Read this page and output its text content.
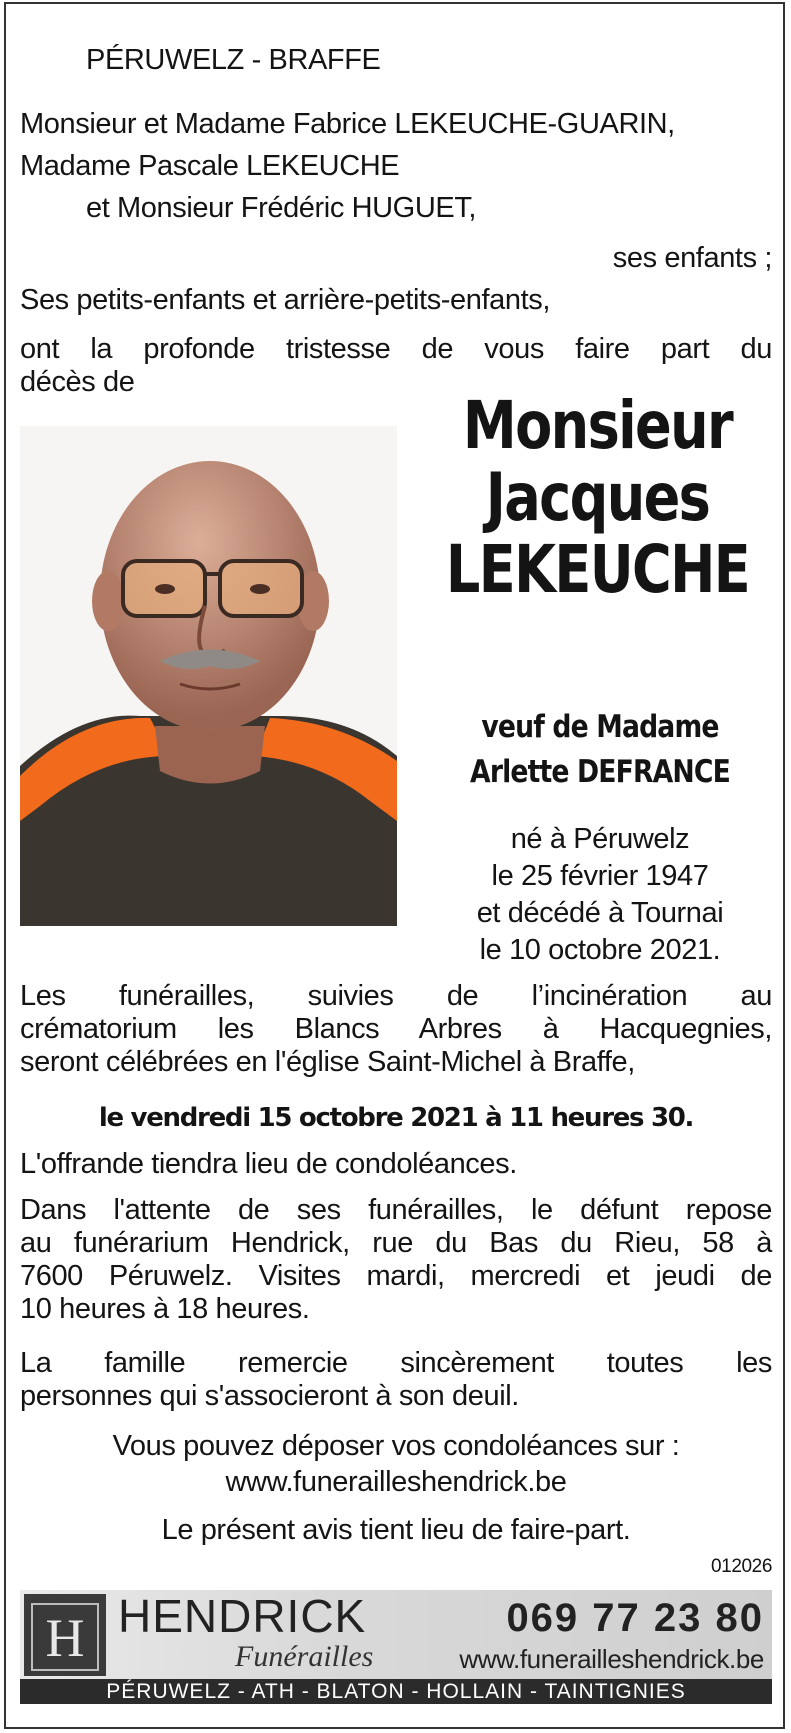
PÉRUWELZ - BRAFFE
Monsieur et Madame Fabrice LEKEUCHE-GUARIN,
Madame Pascale LEKEUCHE
et Monsieur Frédéric HUGUET,
ses enfants ;
Ses petits-enfants et arrière-petits-enfants,
ont la profonde tristesse de vous faire part du
décès de
Monsieur
Jacques
LEKEUCHE
veuf de Madame
Arlette DEFRANCE
né à Péruwelz
le 25 février 1947
et décédé à Tournai
le 10 octobre 2021.
Les funérailles, suivies de l’incinération au
crématorium les Blancs Arbres à Hacquegnies,
seront célébrées en l'église Saint-Michel à Braffe,
le vendredi 15 octobre 2021 à 11 heures 30.
L'offrande tiendra lieu de condoléances.
Dans l'attente de ses funérailles, le défunt repose
au funérarium Hendrick, rue du Bas du Rieu, 58 à
7600 Péruwelz. Visites mardi, mercredi et jeudi de
10 heures à 18 heures.
La famille remercie sincèrement toutes les
personnes qui s'associeront à son deuil.
Vous pouvez déposer vos condoléances sur :
www.funerailleshendrick.be
Le présent avis tient lieu de faire-part.
012026
H HENDRICK
Funérailles
069 77 23 80
www.funerailleshendrick.be
PÉRUWELZ - ATH - BLATON - HOLLAIN - TAINTIGNIES
